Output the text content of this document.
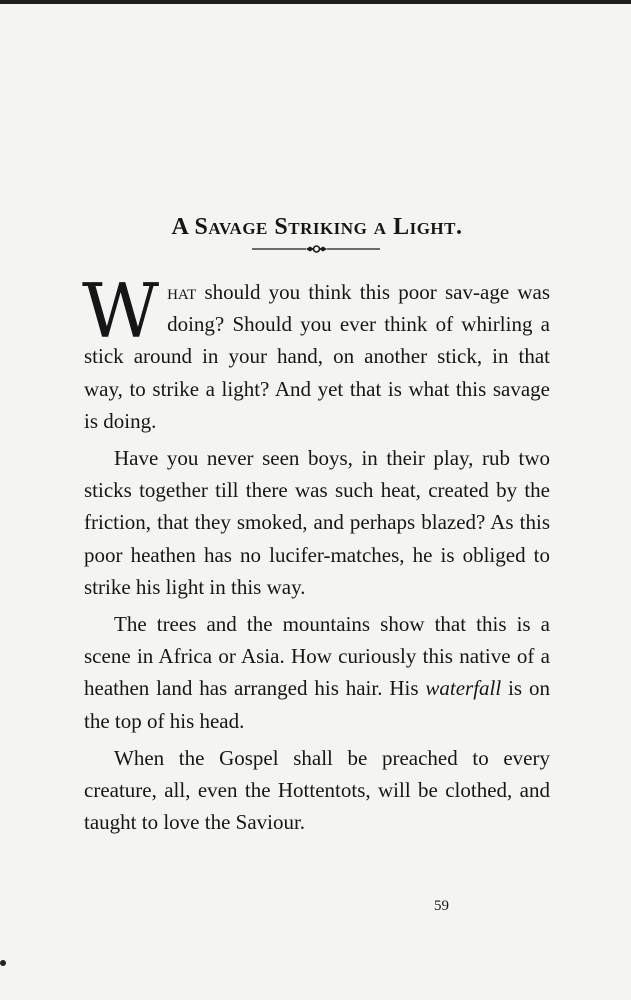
A Savage Striking a Light.

What should you think this poor sav-age was doing? Should you ever think of whirling a stick around in your hand, on another stick, in that way, to strike a light? And yet that is what this savage is doing.

Have you never seen boys, in their play, rub two sticks together till there was such heat, created by the friction, that they smoked, and perhaps blazed? As this poor heathen has no lucifer-matches, he is obliged to strike his light in this way.

The trees and the mountains show that this is a scene in Africa or Asia. How curiously this native of a heathen land has arranged his hair. His waterfall is on the top of his head.

When the Gospel shall be preached to every creature, all, even the Hottentots, will be clothed, and taught to love the Saviour.

59
